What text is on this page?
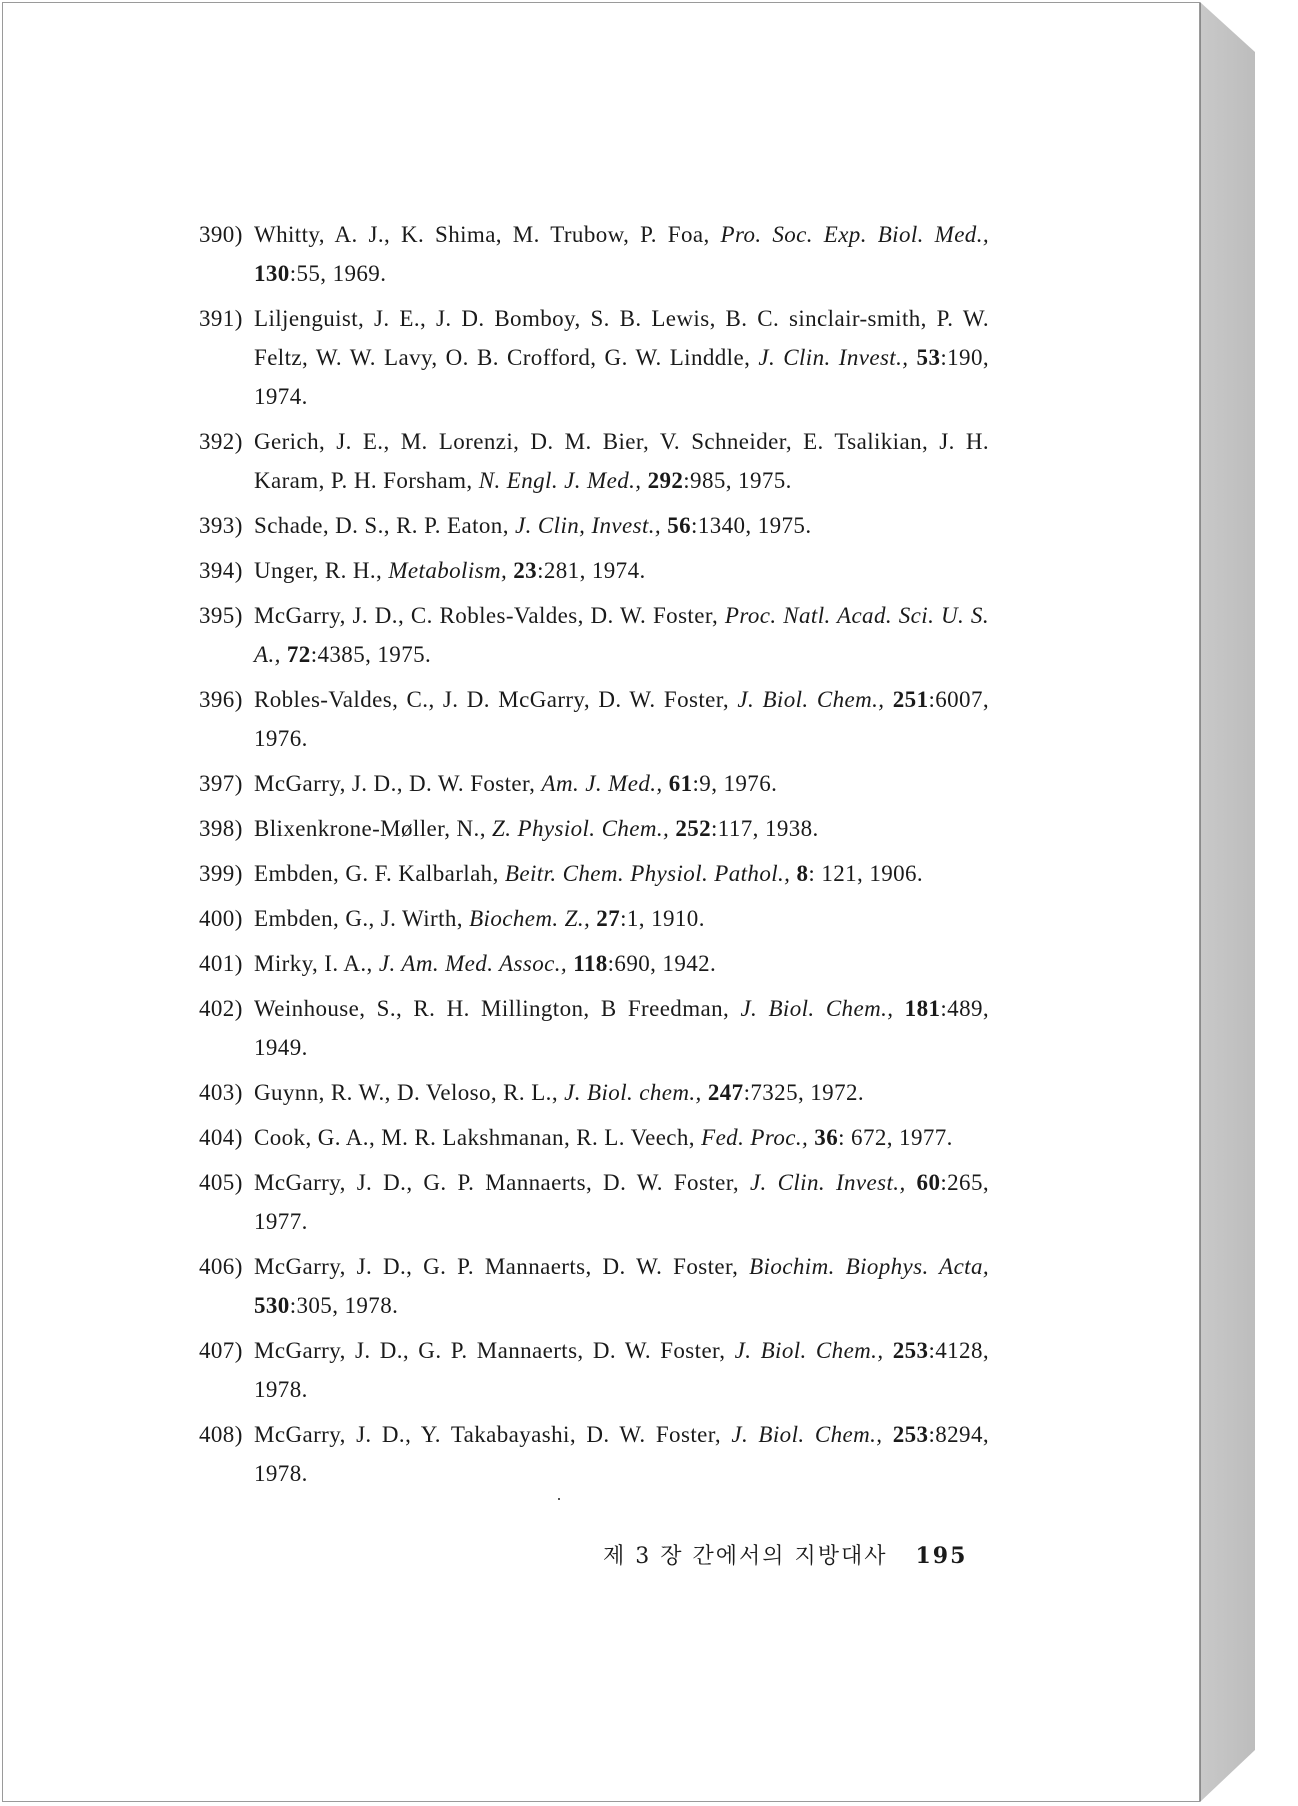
390) Whitty, A. J., K. Shima, M. Trubow, P. Foa, Pro. Soc. Exp. Biol. Med., 130:55, 1969.
391) Liljenguist, J. E., J. D. Bomboy, S. B. Lewis, B. C. sinclair-smith, P. W. Feltz, W. W. Lavy, O. B. Crofford, G. W. Linddle, J. Clin. Invest., 53:190, 1974.
392) Gerich, J. E., M. Lorenzi, D. M. Bier, V. Schneider, E. Tsalikian, J. H. Karam, P. H. Forsham, N. Engl. J. Med., 292:985, 1975.
393) Schade, D. S., R. P. Eaton, J. Clin, Invest., 56:1340, 1975.
394) Unger, R. H., Metabolism, 23:281, 1974.
395) McGarry, J. D., C. Robles-Valdes, D. W. Foster, Proc. Natl. Acad. Sci. U. S. A., 72:4385, 1975.
396) Robles-Valdes, C., J. D. McGarry, D. W. Foster, J. Biol. Chem., 251:6007, 1976.
397) McGarry, J. D., D. W. Foster, Am. J. Med., 61:9, 1976.
398) Blixenkrone-Møller, N., Z. Physiol. Chem., 252:117, 1938.
399) Embden, G. F. Kalbarlah, Beitr. Chem. Physiol. Pathol., 8: 121, 1906.
400) Embden, G., J. Wirth, Biochem. Z., 27:1, 1910.
401) Mirky, I. A., J. Am. Med. Assoc., 118:690, 1942.
402) Weinhouse, S., R. H. Millington, B Freedman, J. Biol. Chem., 181:489, 1949.
403) Guynn, R. W., D. Veloso, R. L., J. Biol. chem., 247:7325, 1972.
404) Cook, G. A., M. R. Lakshmanan, R. L. Veech, Fed. Proc., 36: 672, 1977.
405) McGarry, J. D., G. P. Mannaerts, D. W. Foster, J. Clin. Invest., 60:265, 1977.
406) McGarry, J. D., G. P. Mannaerts, D. W. Foster, Biochim. Biophys. Acta, 530:305, 1978.
407) McGarry, J. D., G. P. Mannaerts, D. W. Foster, J. Biol. Chem., 253:4128, 1978.
408) McGarry, J. D., Y. Takabayashi, D. W. Foster, J. Biol. Chem., 253:8294, 1978.
제 3 장 간에서의 지방대사 195
